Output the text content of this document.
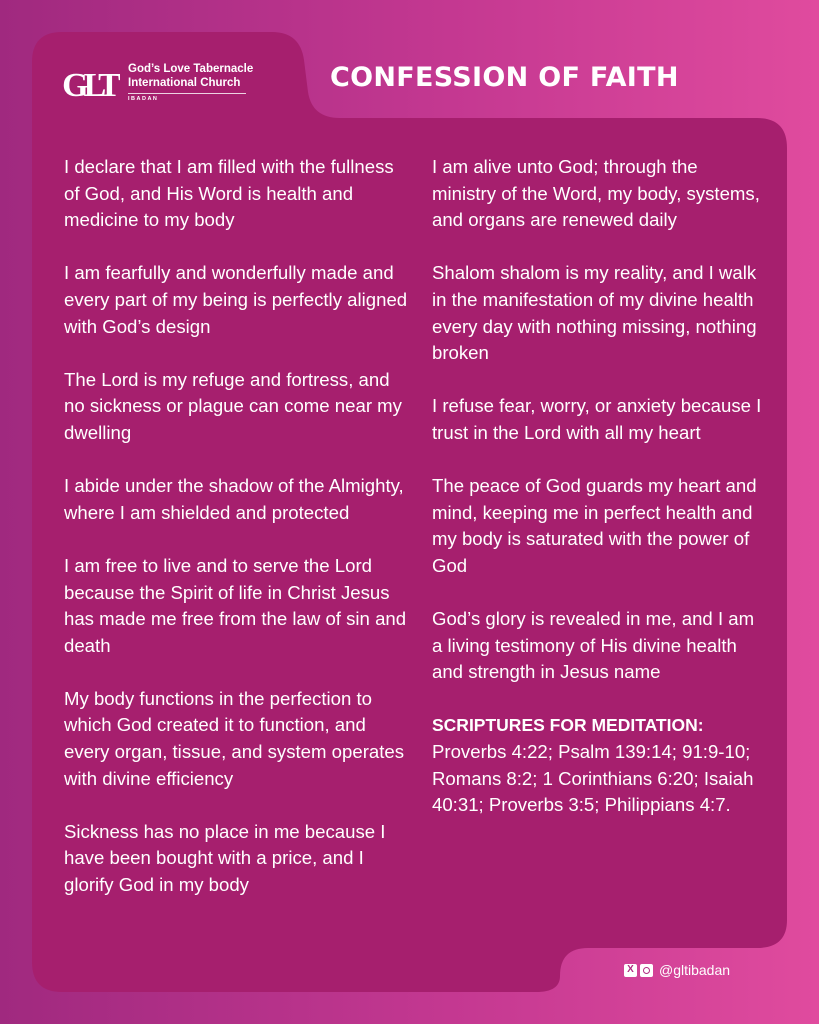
GLT	God’s Love Tabernacle
International Church
IBADAN
CONFESSION OF FAITH

I declare that I am filled with the fullness of God, and His Word is health and medicine to my body

I am fearfully and wonderfully made and every part of my being is perfectly aligned with God’s design

The Lord is my refuge and fortress, and no sickness or plague can come near my dwelling

I abide under the shadow of the Almighty, where I am shielded and protected

I am free to live and to serve the Lord because the Spirit of life in Christ Jesus has made me free from the law of sin and death

My body functions in the perfection to which God created it to function, and every organ, tissue, and system operates with divine efficiency

Sickness has no place in me because I have been bought with a price, and I glorify God in my body

I am alive unto God; through the ministry of the Word, my body, systems, and organs are renewed daily

Shalom shalom is my reality, and I walk in the manifestation of my divine health every day with nothing missing, nothing broken

I refuse fear, worry, or anxiety because I trust in the Lord with all my heart

The peace of God guards my heart and mind, keeping me in perfect health and my body is saturated with the power of God

God’s glory is revealed in me, and I am a living testimony of His divine health and strength in Jesus name

SCRIPTURES FOR MEDITATION:

Proverbs 4:22; Psalm 139:14; 91:9-10; Romans 8:2; 1 Corinthians 6:20; Isaiah 40:31; Proverbs 3:5; Philippians 4:7.

X @gltibadan
